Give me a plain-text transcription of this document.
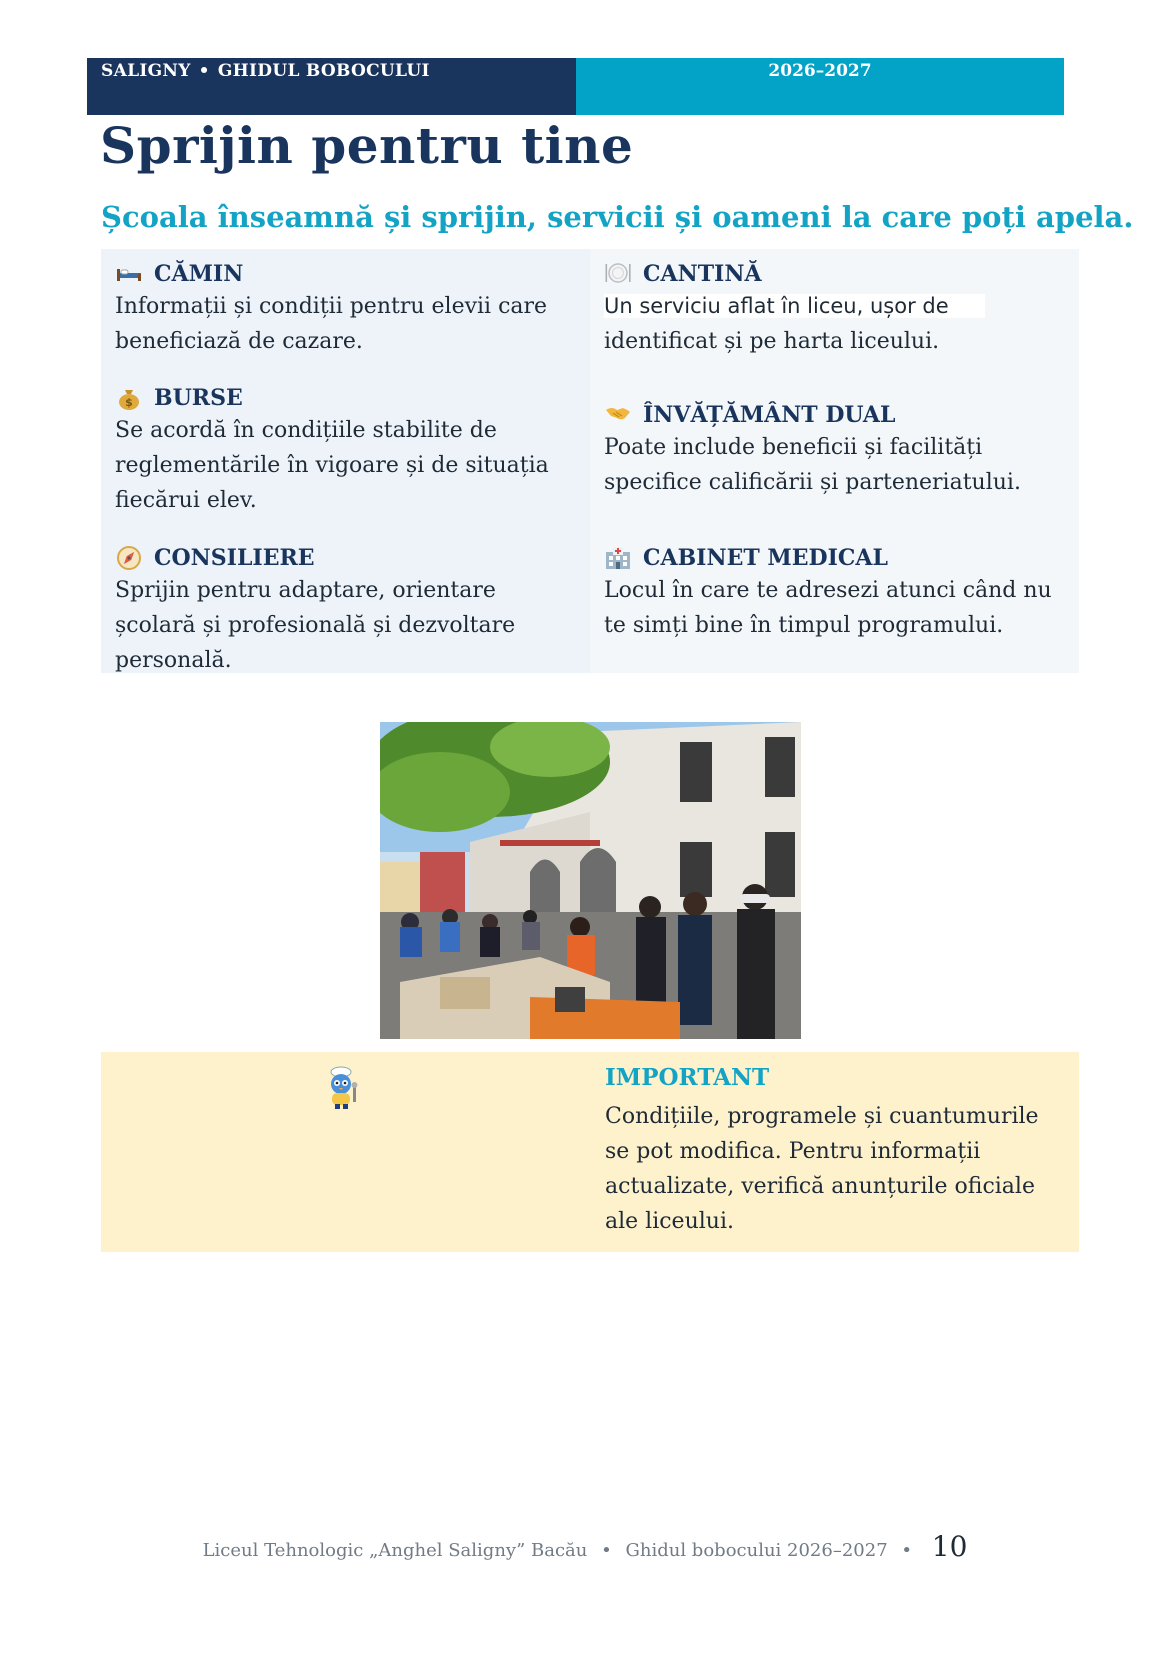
SALIGNY • GHIDUL BOBOCULUI	2026–2027
Sprijin pentru tine
Școala înseamnă și sprijin, servicii și oameni la care poți apela.
CĂMIN

Informații și condiții pentru elevii care beneficiază de cazare.

CANTINĂ

Un serviciu aflat în liceu, ușor de
identificat și pe harta liceului.

$ BURSE

Se acordă în condițiile stabilite de reglementările în vigoare și de situația fiecărui elev.

ÎNVĂȚĂMÂNT DUAL

Poate include beneficii și facilități specifice calificării și parteneriatului.

CONSILIERE

Sprijin pentru adaptare, orientare școlară și profesională și dezvoltare personală.

CABINET MEDICAL

Locul în care te adresezi atunci când nu te simți bine în timpul programului.

IMPORTANT

Condițiile, programele și cuantumurile se pot modifica. Pentru informații actualizate, verifică anunțurile oficiale ale liceului.

Liceul Tehnologic „Anghel Saligny” Bacău • Ghidul bobocului 2026–2027 • 10
